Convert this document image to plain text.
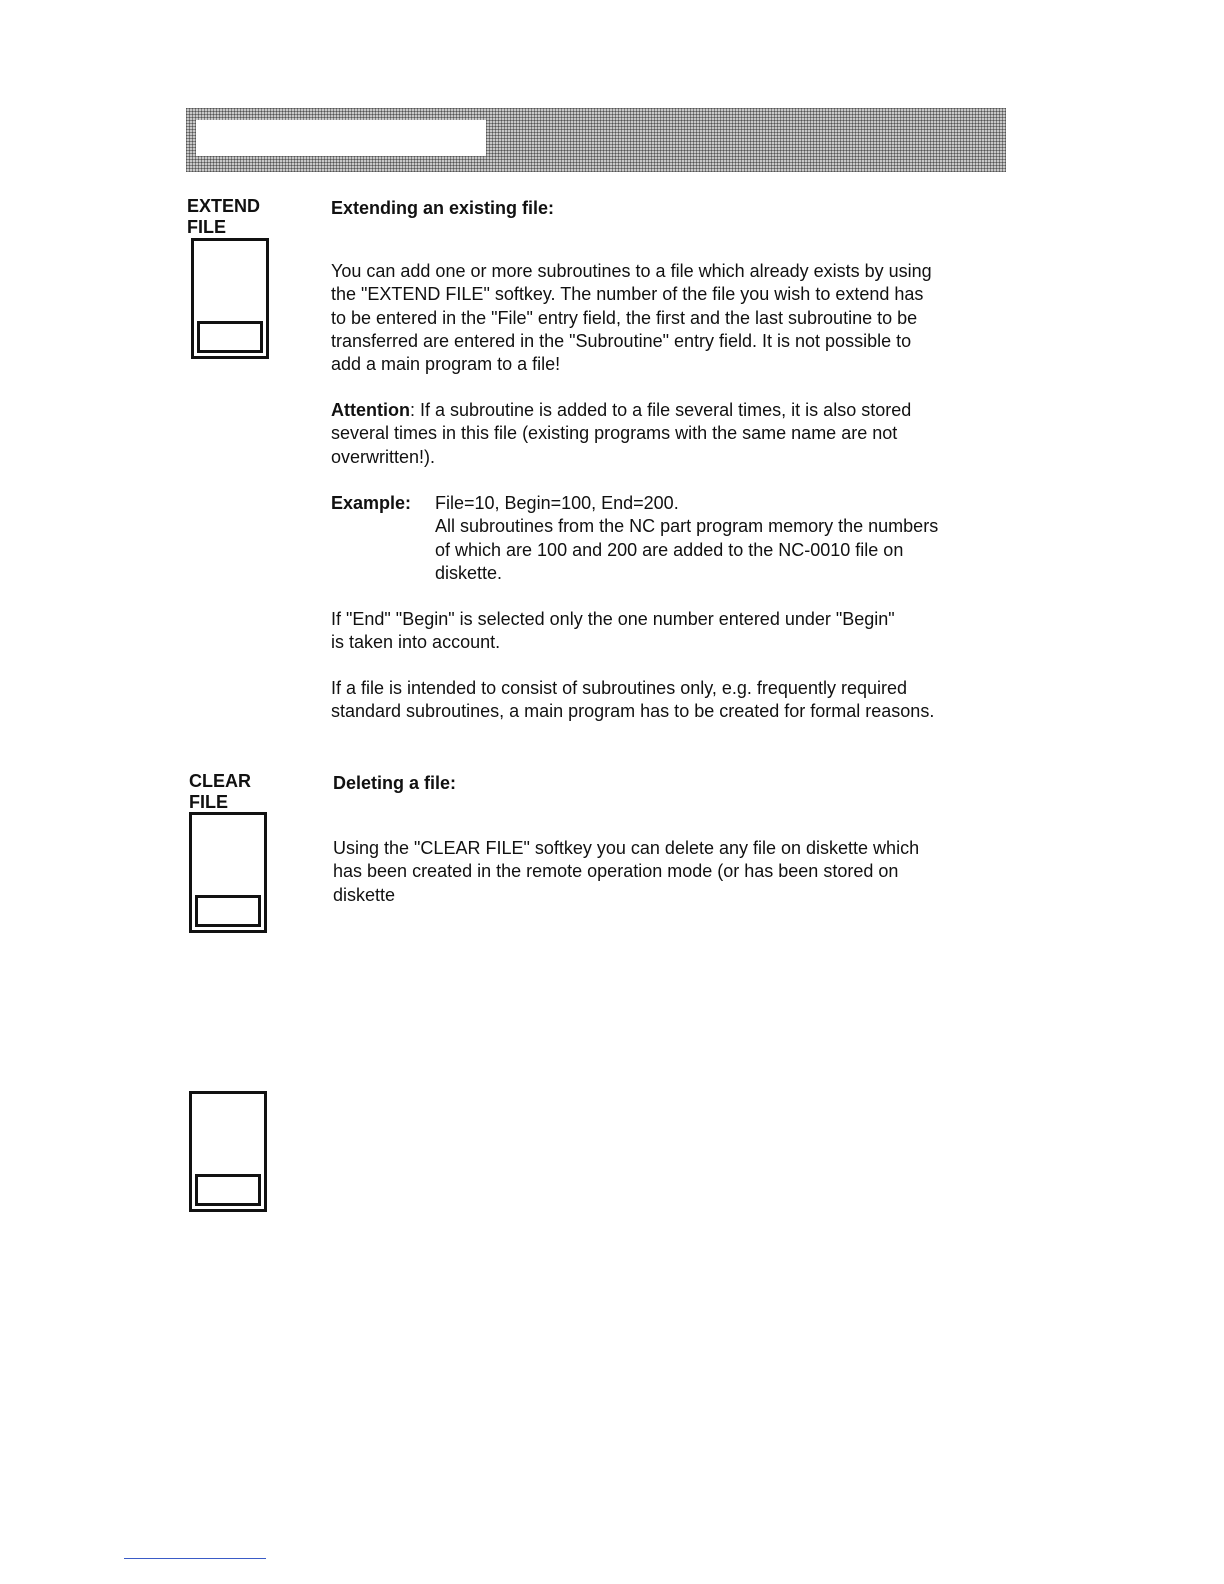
EXTEND
FILE
Extending an existing file:
You can add one or more subroutines to a file which already exists by using
the "EXTEND FILE" softkey. The number of the file you wish to extend has
to be entered in the "File" entry field, the first and the last subroutine to be
transferred are entered in the "Subroutine" entry field. It is not possible to
add a main program to a file!
Attention: If a subroutine is added to a file several times, it is also stored
several times in this file (existing programs with the same name are not
overwritten!).
Example: File=10, Begin=100, End=200.
All subroutines from the NC part program memory the numbers
of which are 100 and 200 are added to the NC-0010 file on
diskette.
If "End" "Begin" is selected only the one number entered under "Begin"
is taken into account.
If a file is intended to consist of subroutines only, e.g. frequently required
standard subroutines, a main program has to be created for formal reasons.
CLEAR
FILE
Deleting a file:
Using the "CLEAR FILE" softkey you can delete any file on diskette which
has been created in the remote operation mode (or has been stored on
diskette
